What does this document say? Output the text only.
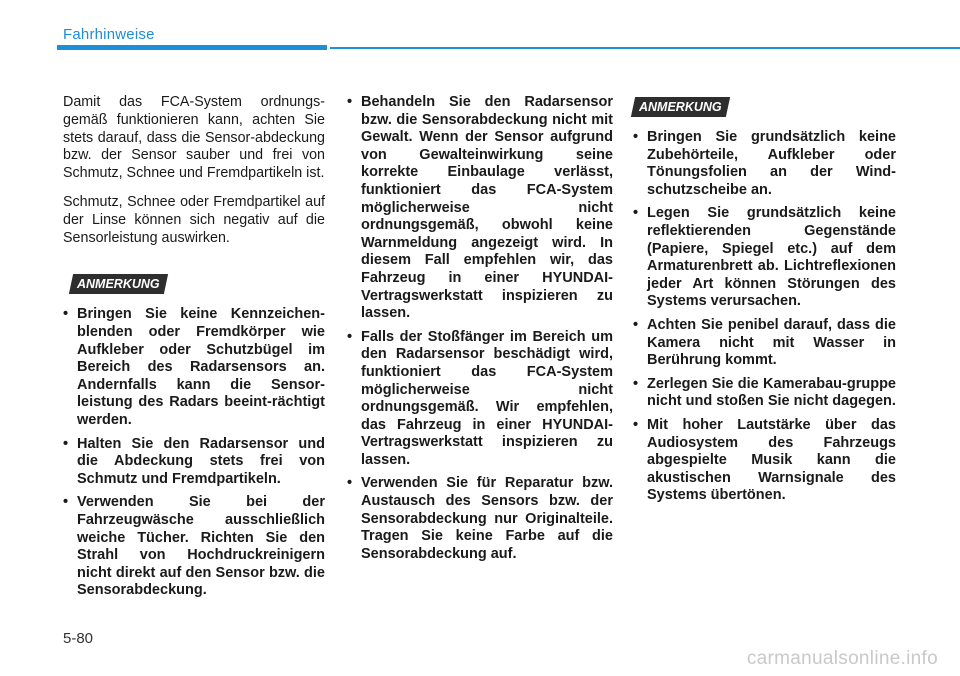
Fahrhinweise

Damit das FCA-System ordnungs-gemäß funktionieren kann, achten Sie stets darauf, dass die Sensor-abdeckung bzw. der Sensor sauber und frei von Schmutz, Schnee und Fremdpartikeln ist.

Schmutz, Schnee oder Fremdpartikel auf der Linse können sich negativ auf die Sensorleistung auswirken.

ANMERKUNG
• Bringen Sie keine Kennzeichen-blenden oder Fremdkörper wie Aufkleber oder Schutzbügel im Bereich des Radarsensors an. Andernfalls kann die Sensor-leistung des Radars beeint-rächtigt werden.
• Halten Sie den Radarsensor und die Abdeckung stets frei von Schmutz und Fremdpartikeln.
• Verwenden Sie bei der Fahrzeugwäsche ausschließlich weiche Tücher. Richten Sie den Strahl von Hochdruckreinigern nicht direkt auf den Sensor bzw. die Sensorabdeckung.
• Behandeln Sie den Radarsensor bzw. die Sensorabdeckung nicht mit Gewalt. Wenn der Sensor aufgrund von Gewalteinwirkung seine korrekte Einbaulage verlässt, funktioniert das FCA-System möglicherweise nicht ordnungsgemäß, obwohl keine Warnmeldung angezeigt wird. In diesem Fall empfehlen wir, das Fahrzeug in einer HYUNDAI-Vertragswerkstatt inspizieren zu lassen.
• Falls der Stoßfänger im Bereich um den Radarsensor beschädigt wird, funktioniert das FCA-System möglicherweise nicht ordnungsgemäß. Wir empfehlen, das Fahrzeug in einer HYUNDAI-Vertragswerkstatt inspizieren zu lassen.
• Verwenden Sie für Reparatur bzw. Austausch des Sensors bzw. der Sensorabdeckung nur Originalteile. Tragen Sie keine Farbe auf die Sensorabdeckung auf.
ANMERKUNG
• Bringen Sie grundsätzlich keine Zubehörteile, Aufkleber oder Tönungsfolien an der Wind-schutzscheibe an.
• Legen Sie grundsätzlich keine reflektierenden Gegenstände (Papiere, Spiegel etc.) auf dem Armaturenbrett ab. Lichtreflexionen jeder Art können Störungen des Systems verursachen.
• Achten Sie penibel darauf, dass die Kamera nicht mit Wasser in Berührung kommt.
• Zerlegen Sie die Kamerabau-gruppe nicht und stoßen Sie nicht dagegen.
• Mit hoher Lautstärke über das Audiosystem des Fahrzeugs abgespielte Musik kann die akustischen Warnsignale des Systems übertönen.
5-80
carmanualsonline.info
